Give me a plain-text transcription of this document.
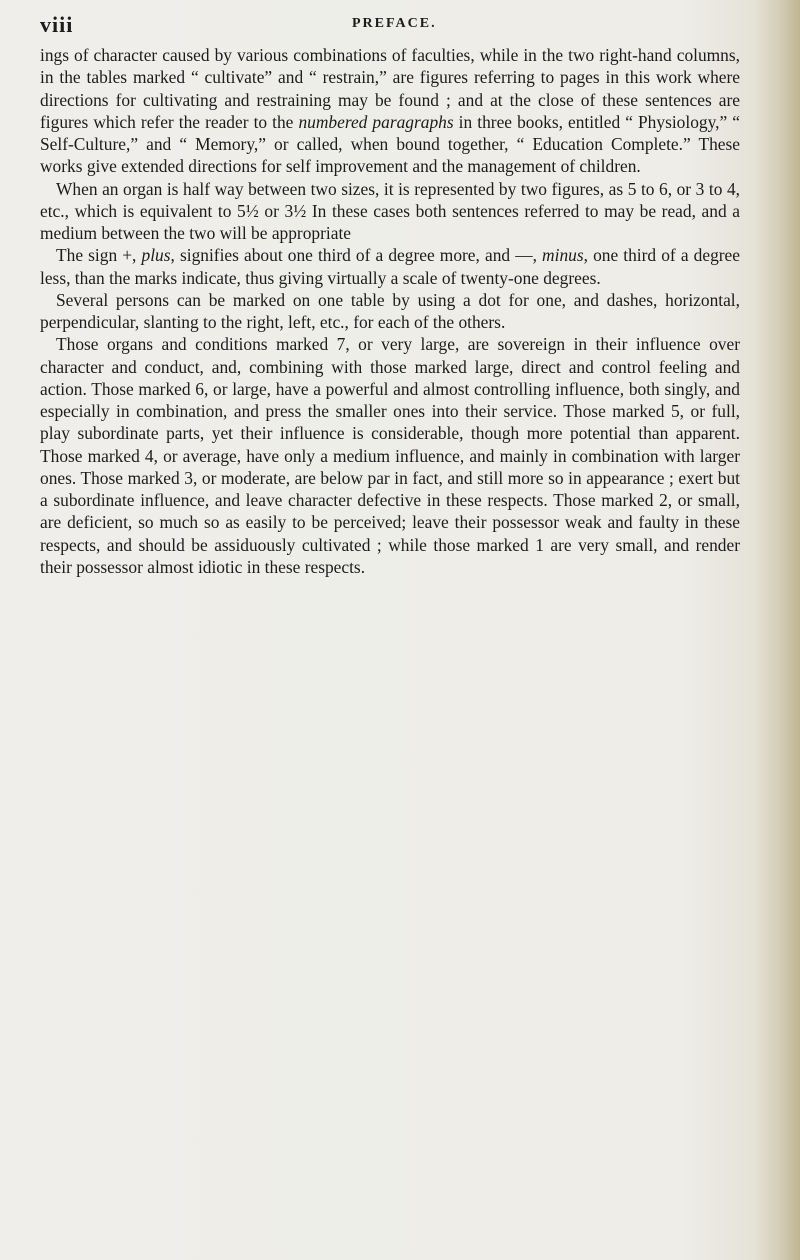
viii	PREFACE.

ings of character caused by various combinations of faculties, while in the two right-hand columns, in the tables marked “ cultivate” and “ restrain,” are figures referring to pages in this work where directions for cultivating and restraining may be found ; and at the close of these sentences are figures which refer the reader to the numbered paragraphs in three books, entitled “ Physiology,” “ Self-Culture,” and “ Memory,” or called, when bound together, “ Education Complete.” These works give extended directions for self improvement and the management of children.

When an organ is half way between two sizes, it is represented by two figures, as 5 to 6, or 3 to 4, etc., which is equivalent to 5½ or 3½ In these cases both sentences referred to may be read, and a medium between the two will be appropriate

The sign +, plus, signifies about one third of a degree more, and —, minus, one third of a degree less, than the marks indicate, thus giving virtually a scale of twenty-one degrees.

Several persons can be marked on one table by using a dot for one, and dashes, horizontal, perpendicular, slanting to the right, left, etc., for each of the others.

Those organs and conditions marked 7, or very large, are sovereign in their influence over character and conduct, and, combining with those marked large, direct and control feeling and action. Those marked 6, or large, have a powerful and almost controlling influence, both singly, and especially in combination, and press the smaller ones into their service. Those marked 5, or full, play subordinate parts, yet their influence is considerable, though more potential than apparent. Those marked 4, or average, have only a medium influence, and mainly in combination with larger ones. Those marked 3, or moderate, are below par in fact, and still more so in appearance ; exert but a subordinate influence, and leave character defective in these respects. Those marked 2, or small, are deficient, so much so as easily to be perceived; leave their possessor weak and faulty in these respects, and should be assiduously cultivated ; while those marked 1 are very small, and render their possessor almost idiotic in these respects.
